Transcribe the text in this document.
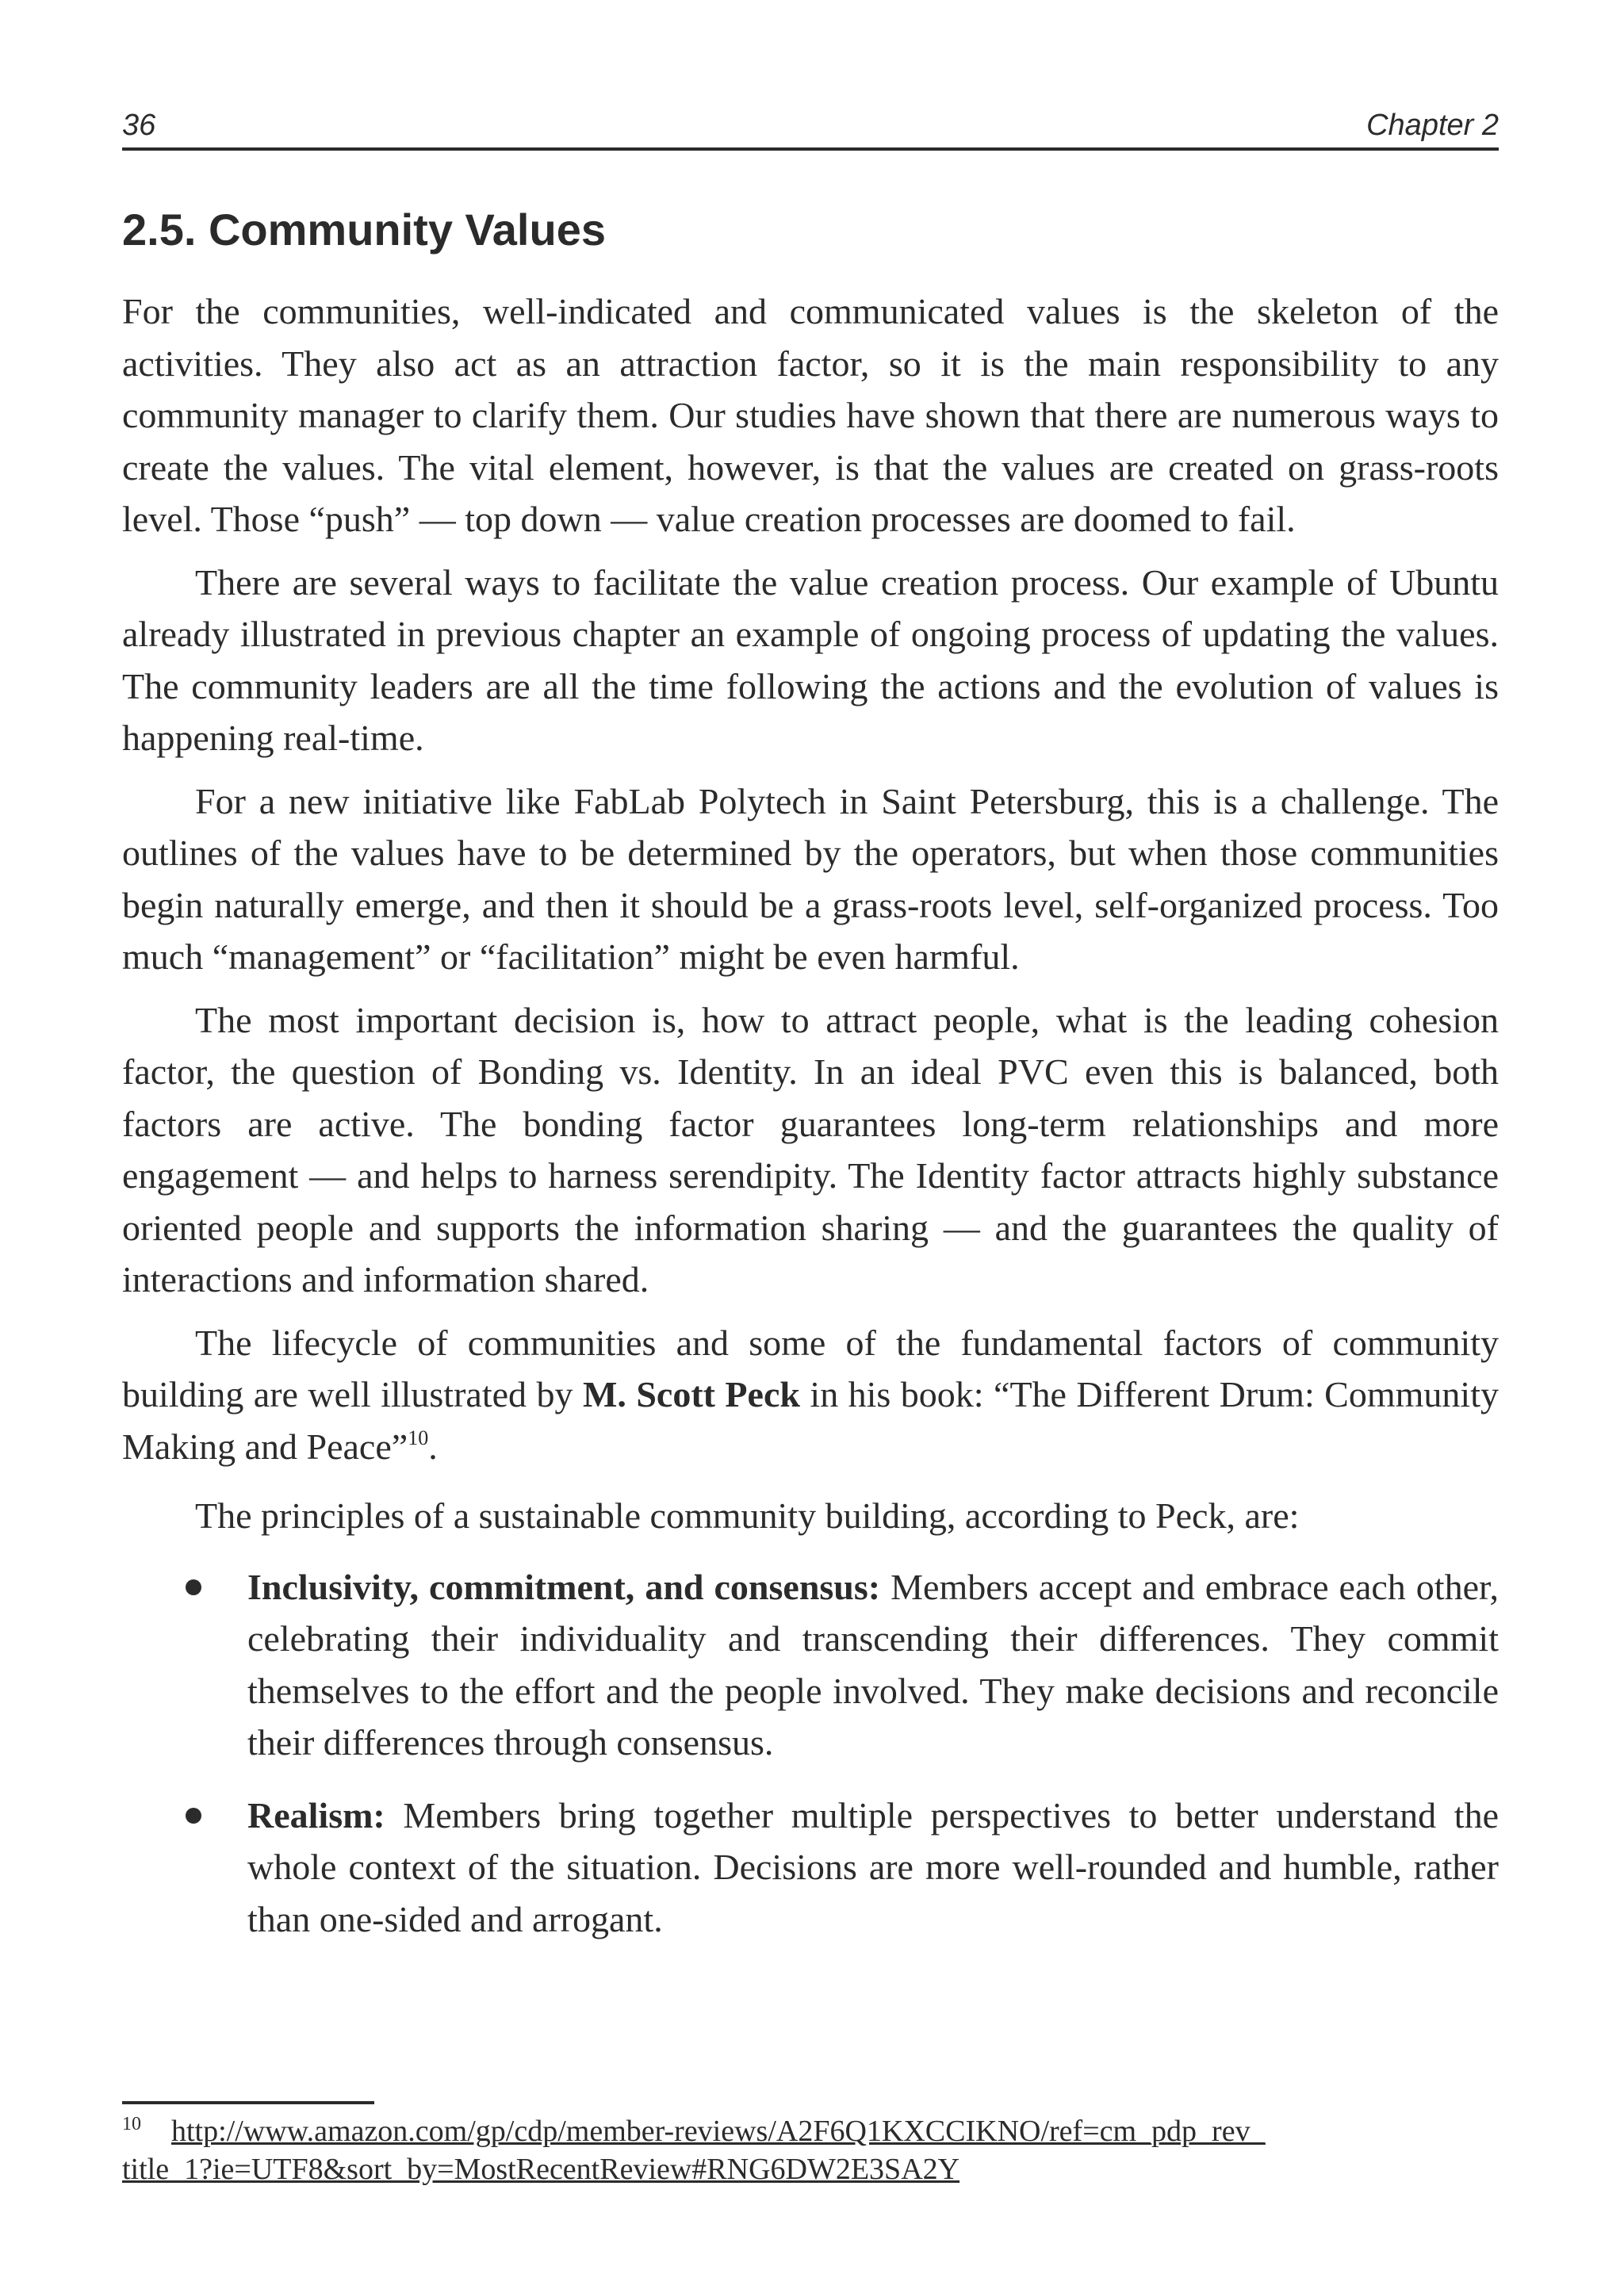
36	Chapter 2
2.5. Community Values

For the communities, well-indicated and communicated values is the skeleton of the activities. They also act as an attraction factor, so it is the main responsibility to any community manager to clarify them. Our studies have shown that there are numerous ways to create the values. The vital element, however, is that the values are created on grass-roots level. Those “push” — top down — value creation processes are doomed to fail.

There are several ways to facilitate the value creation process. Our example of Ubuntu already illustrated in previous chapter an example of ongoing process of updating the values. The community leaders are all the time following the actions and the evolution of values is happening real-time.

For a new initiative like FabLab Polytech in Saint Petersburg, this is a challenge. The outlines of the values have to be determined by the operators, but when those communities begin naturally emerge, and then it should be a grass-roots level, self-organized process. Too much “management” or “facilitation” might be even harmful.

The most important decision is, how to attract people, what is the leading cohesion factor, the question of Bonding vs. Identity. In an ideal PVC even this is balanced, both factors are active. The bonding factor guarantees long-term relationships and more engagement — and helps to harness serendipity. The Identity factor attracts highly substance oriented people and supports the information sharing — and the guarantees the quality of interactions and information shared.

The lifecycle of communities and some of the fundamental factors of community building are well illustrated by M. Scott Peck in his book: “The Different Drum: Community Making and Peace”$^{10}$.

The principles of a sustainable community building, according to Peck, are:

Inclusivity, commitment, and consensus: Members accept and embrace each other, celebrating their individuality and transcending their differences. They commit themselves to the effort and the people involved. They make decisions and reconcile their differences through consensus.
Realism: Members bring together multiple perspectives to better understand the whole context of the situation. Decisions are more well-rounded and humble, rather than one-sided and arrogant.
$^{10}$ http://www.amazon.com/gp/cdp/member-reviews/A2F6Q1KXCCIKNO/ref=cm_pdp_rev_
title_1?ie=UTF8&sort_by=MostRecentReview#RNG6DW2E3SA2Y
